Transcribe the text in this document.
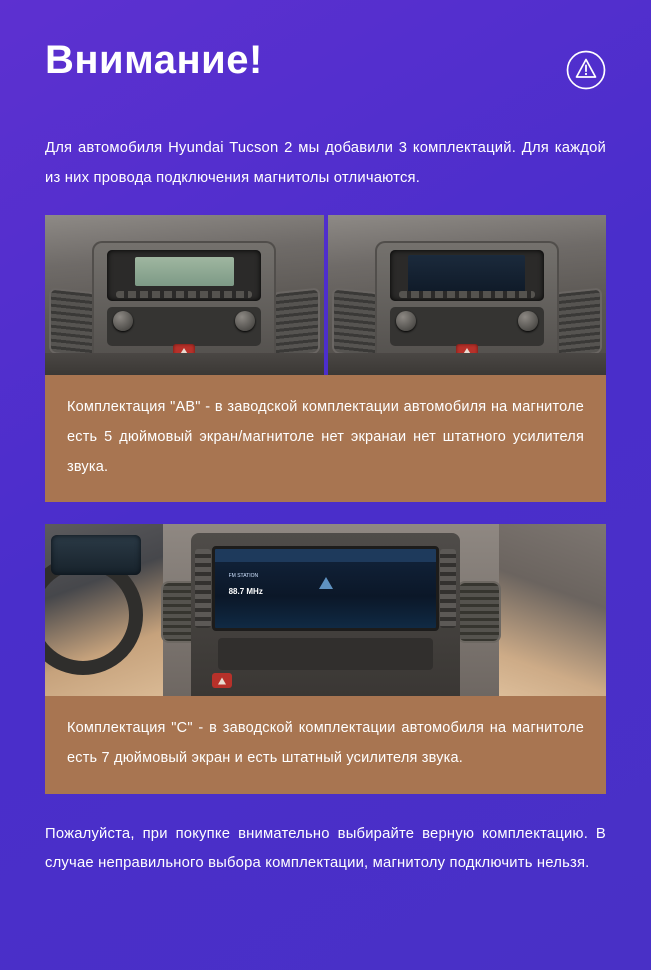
Внимание!

Для автомобиля Hyundai Tucson 2 мы добавили 3 комплектаций. Для каждой из них провода подключения магнитолы отличаются.

Комплектация "AB" - в заводской комплектации автомобиля на магнитоле есть 5 дюймовый экран/магнитоле нет экранаи нет штатного усилителя звука.
FM STATION
88.7 MHz
Комплектация "C" - в заводской комплектации автомобиля на магнитоле есть 7 дюймовый экран и есть штатный усилителя звука.

Пожалуйста, при покупке внимательно выбирайте верную комплектацию. В случае неправильного выбора комплектации, магнитолу подключить нельзя.
